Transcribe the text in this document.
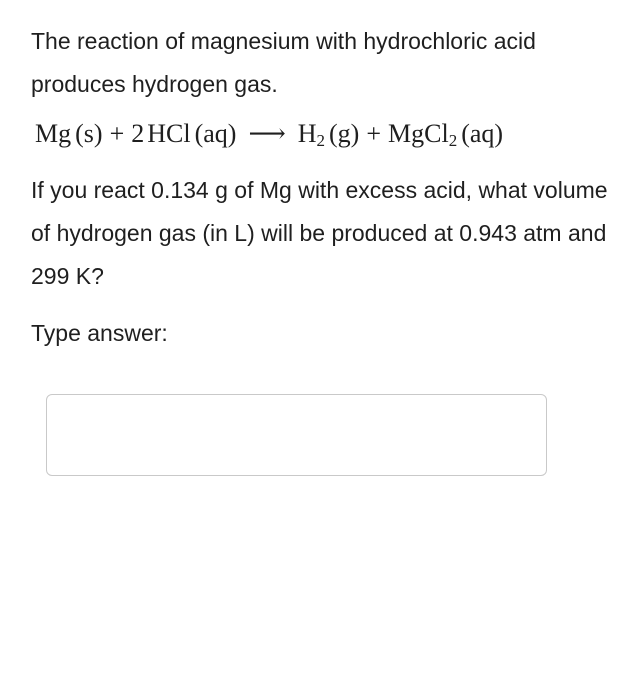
The reaction of magnesium with hydrochloric acid produces hydrogen gas.

Mg (s) + 2 HCl (aq) ⟶ $H_2$ (g) + MgCl$_2$ (aq)

If you react 0.134 g of Mg with excess acid, what volume of hydrogen gas (in L) will be produced at 0.943 atm and 299 K?

Type answer:
